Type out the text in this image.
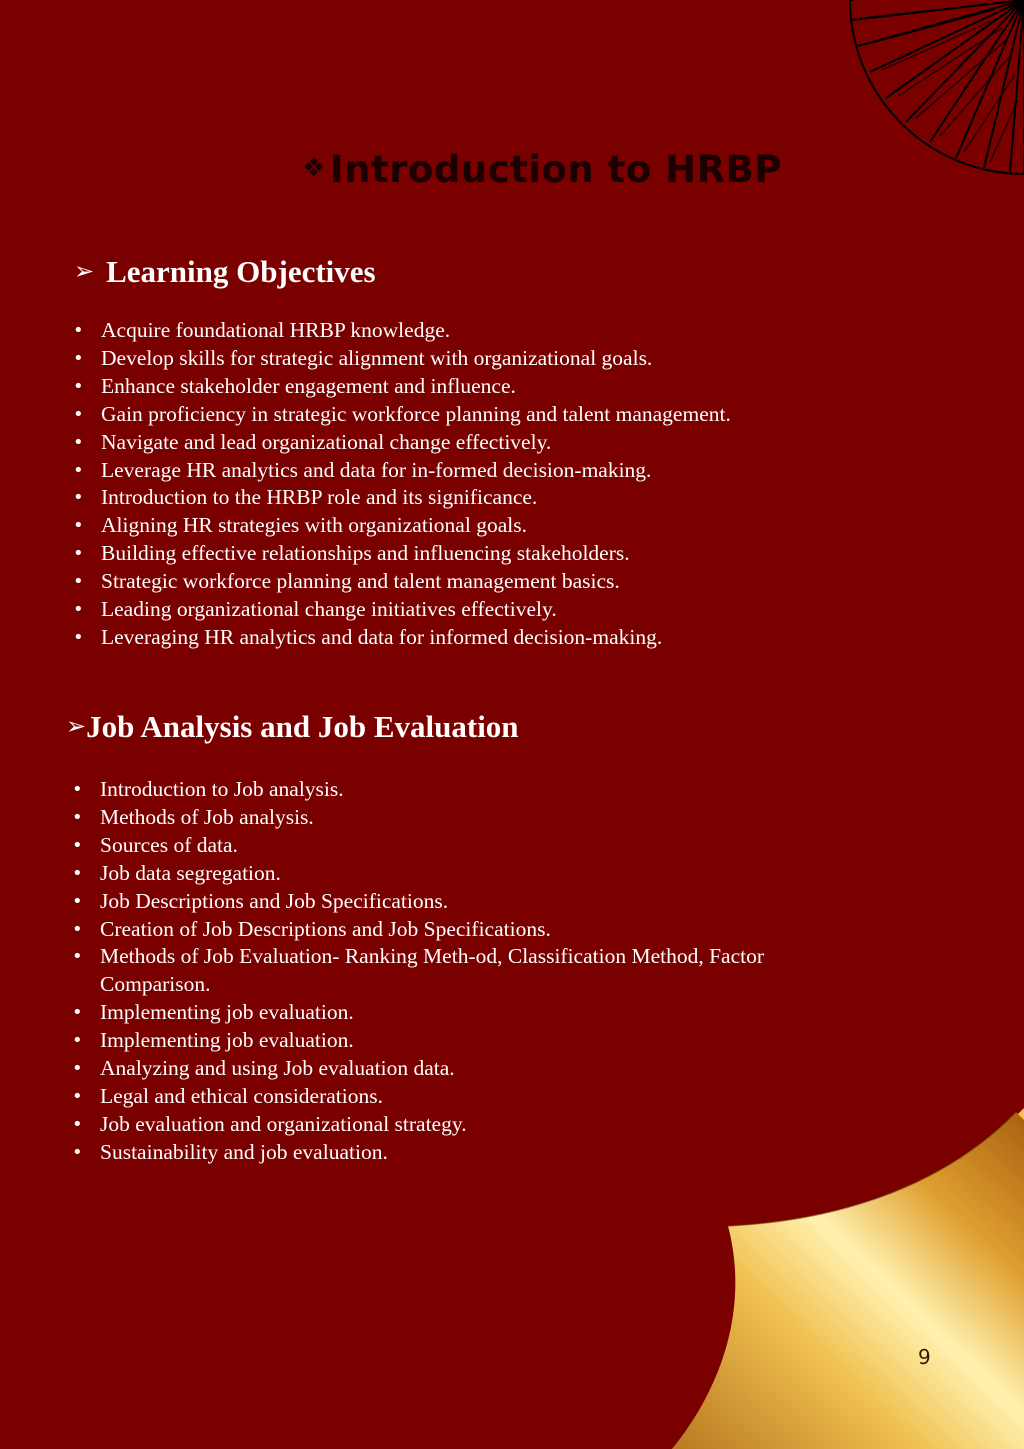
❖ Introduction to HRBP
➢ Learning Objectives
• Acquire foundational HRBP knowledge.
• Develop skills for strategic alignment with organizational goals.
• Enhance stakeholder engagement and influence.
• Gain proficiency in strategic workforce planning and talent management.
• Navigate and lead organizational change effectively.
• Leverage HR analytics and data for in-formed decision-making.
• Introduction to the HRBP role and its significance.
• Aligning HR strategies with organizational goals.
• Building effective relationships and influencing stakeholders.
• Strategic workforce planning and talent management basics.
• Leading organizational change initiatives effectively.
• Leveraging HR analytics and data for informed decision-making.
➢Job Analysis and Job Evaluation
• Introduction to Job analysis.
• Methods of Job analysis.
• Sources of data.
• Job data segregation.
• Job Descriptions and Job Specifications.
• Creation of Job Descriptions and Job Specifications.
• Methods of Job Evaluation- Ranking Meth-od, Classification Method, Factor Comparison.
• Implementing job evaluation.
• Implementing job evaluation.
• Analyzing and using Job evaluation data.
• Legal and ethical considerations.
• Job evaluation and organizational strategy.
• Sustainability and job evaluation.
9
